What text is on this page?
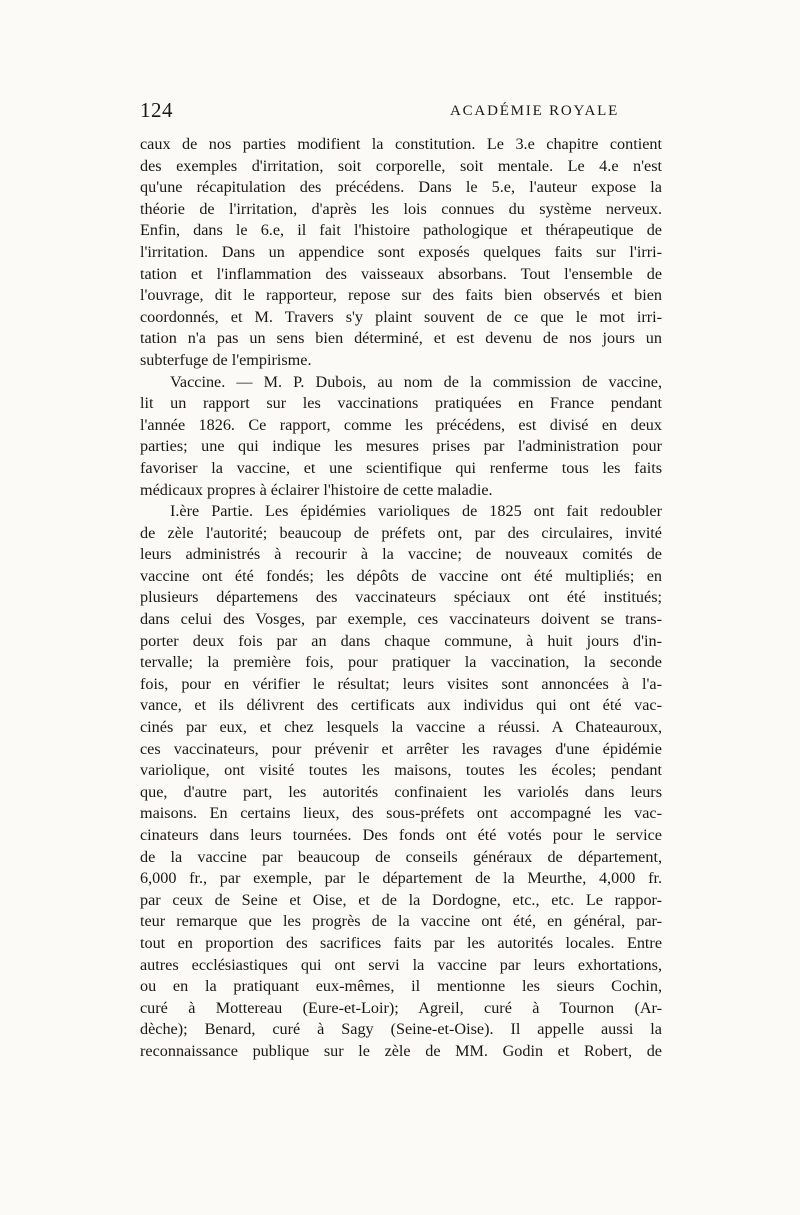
124	ACADÉMIE ROYALE
caux de nos parties modifient la constitution. Le 3.e chapitre contient
des exemples d'irritation, soit corporelle, soit mentale. Le 4.e n'est
qu'une récapitulation des précédens. Dans le 5.e, l'auteur expose la
théorie de l'irritation, d'après les lois connues du système nerveux.
Enfin, dans le 6.e, il fait l'histoire pathologique et thérapeutique de
l'irritation. Dans un appendice sont exposés quelques faits sur l'irri-
tation et l'inflammation des vaisseaux absorbans. Tout l'ensemble de
l'ouvrage, dit le rapporteur, repose sur des faits bien observés et bien
coordonnés, et M. Travers s'y plaint souvent de ce que le mot irri-
tation n'a pas un sens bien déterminé, et est devenu de nos jours un
subterfuge de l'empirisme.
Vaccine. — M. P. Dubois, au nom de la commission de vaccine,
lit un rapport sur les vaccinations pratiquées en France pendant
l'année 1826. Ce rapport, comme les précédens, est divisé en deux
parties; une qui indique les mesures prises par l'administration pour
favoriser la vaccine, et une scientifique qui renferme tous les faits
médicaux propres à éclairer l'histoire de cette maladie.
I.ère Partie. Les épidémies varioliques de 1825 ont fait redoubler
de zèle l'autorité; beaucoup de préfets ont, par des circulaires, invité
leurs administrés à recourir à la vaccine; de nouveaux comités de
vaccine ont été fondés; les dépôts de vaccine ont été multipliés; en
plusieurs départemens des vaccinateurs spéciaux ont été institués;
dans celui des Vosges, par exemple, ces vaccinateurs doivent se trans-
porter deux fois par an dans chaque commune, à huit jours d'in-
tervalle; la première fois, pour pratiquer la vaccination, la seconde
fois, pour en vérifier le résultat; leurs visites sont annoncées à l'a-
vance, et ils délivrent des certificats aux individus qui ont été vac-
cinés par eux, et chez lesquels la vaccine a réussi. A Chateauroux,
ces vaccinateurs, pour prévenir et arrêter les ravages d'une épidémie
variolique, ont visité toutes les maisons, toutes les écoles; pendant
que, d'autre part, les autorités confinaient les variolés dans leurs
maisons. En certains lieux, des sous-préfets ont accompagné les vac-
cinateurs dans leurs tournées. Des fonds ont été votés pour le service
de la vaccine par beaucoup de conseils généraux de département,
6,000 fr., par exemple, par le département de la Meurthe, 4,000 fr.
par ceux de Seine et Oise, et de la Dordogne, etc., etc. Le rappor-
teur remarque que les progrès de la vaccine ont été, en général, par-
tout en proportion des sacrifices faits par les autorités locales. Entre
autres ecclésiastiques qui ont servi la vaccine par leurs exhortations,
ou en la pratiquant eux-mêmes, il mentionne les sieurs Cochin,
curé à Mottereau (Eure-et-Loir); Agreil, curé à Tournon (Ar-
dèche); Benard, curé à Sagy (Seine-et-Oise). Il appelle aussi la
reconnaissance publique sur le zèle de MM. Godin et Robert, de
